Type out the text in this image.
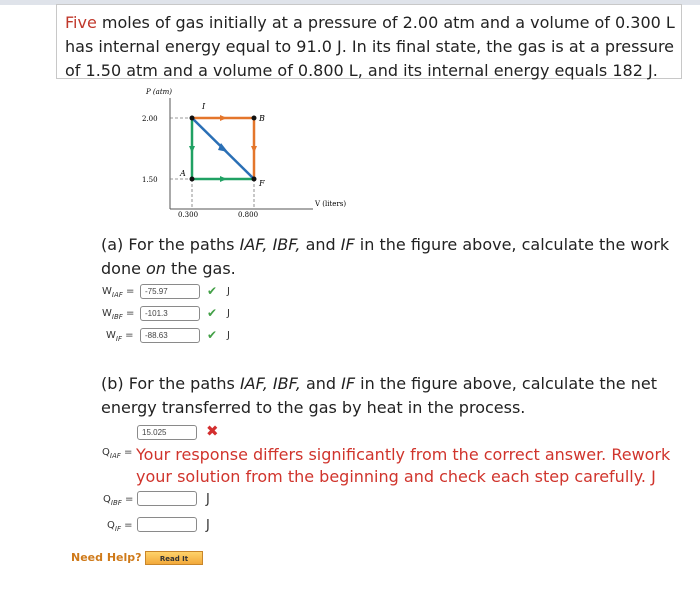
Five moles of gas initially at a pressure of 2.00 atm and a volume of 0.300 L
has internal energy equal to 91.0 J. In its final state, the gas is at a pressure
of 1.50 atm and a volume of 0.800 L, and its internal energy equals 182 J.
P (atm)
V (liters)
2.00
1.50
0.300	0.800
I
B
A
F
(a) For the paths IAF, IBF, and IF in the figure above, calculate the work
done on the gas.
$W_{IAF}$ =
-75.97	✔ J
$W_{IBF}$ =
-101.3	✔ J
$W_{IF}$ =
-88.63	✔ J
(b) For the paths IAF, IBF, and IF in the figure above, calculate the net
energy transferred to the gas by heat in the process.
15.025
✖
$Q_{IAF}$ = Your response differs significantly from the correct answer. Rework your solution from the beginning and check each step carefully. J
$Q_{IBF}$ =	J
$Q_{IF}$ =	J
Need Help?	Read It
